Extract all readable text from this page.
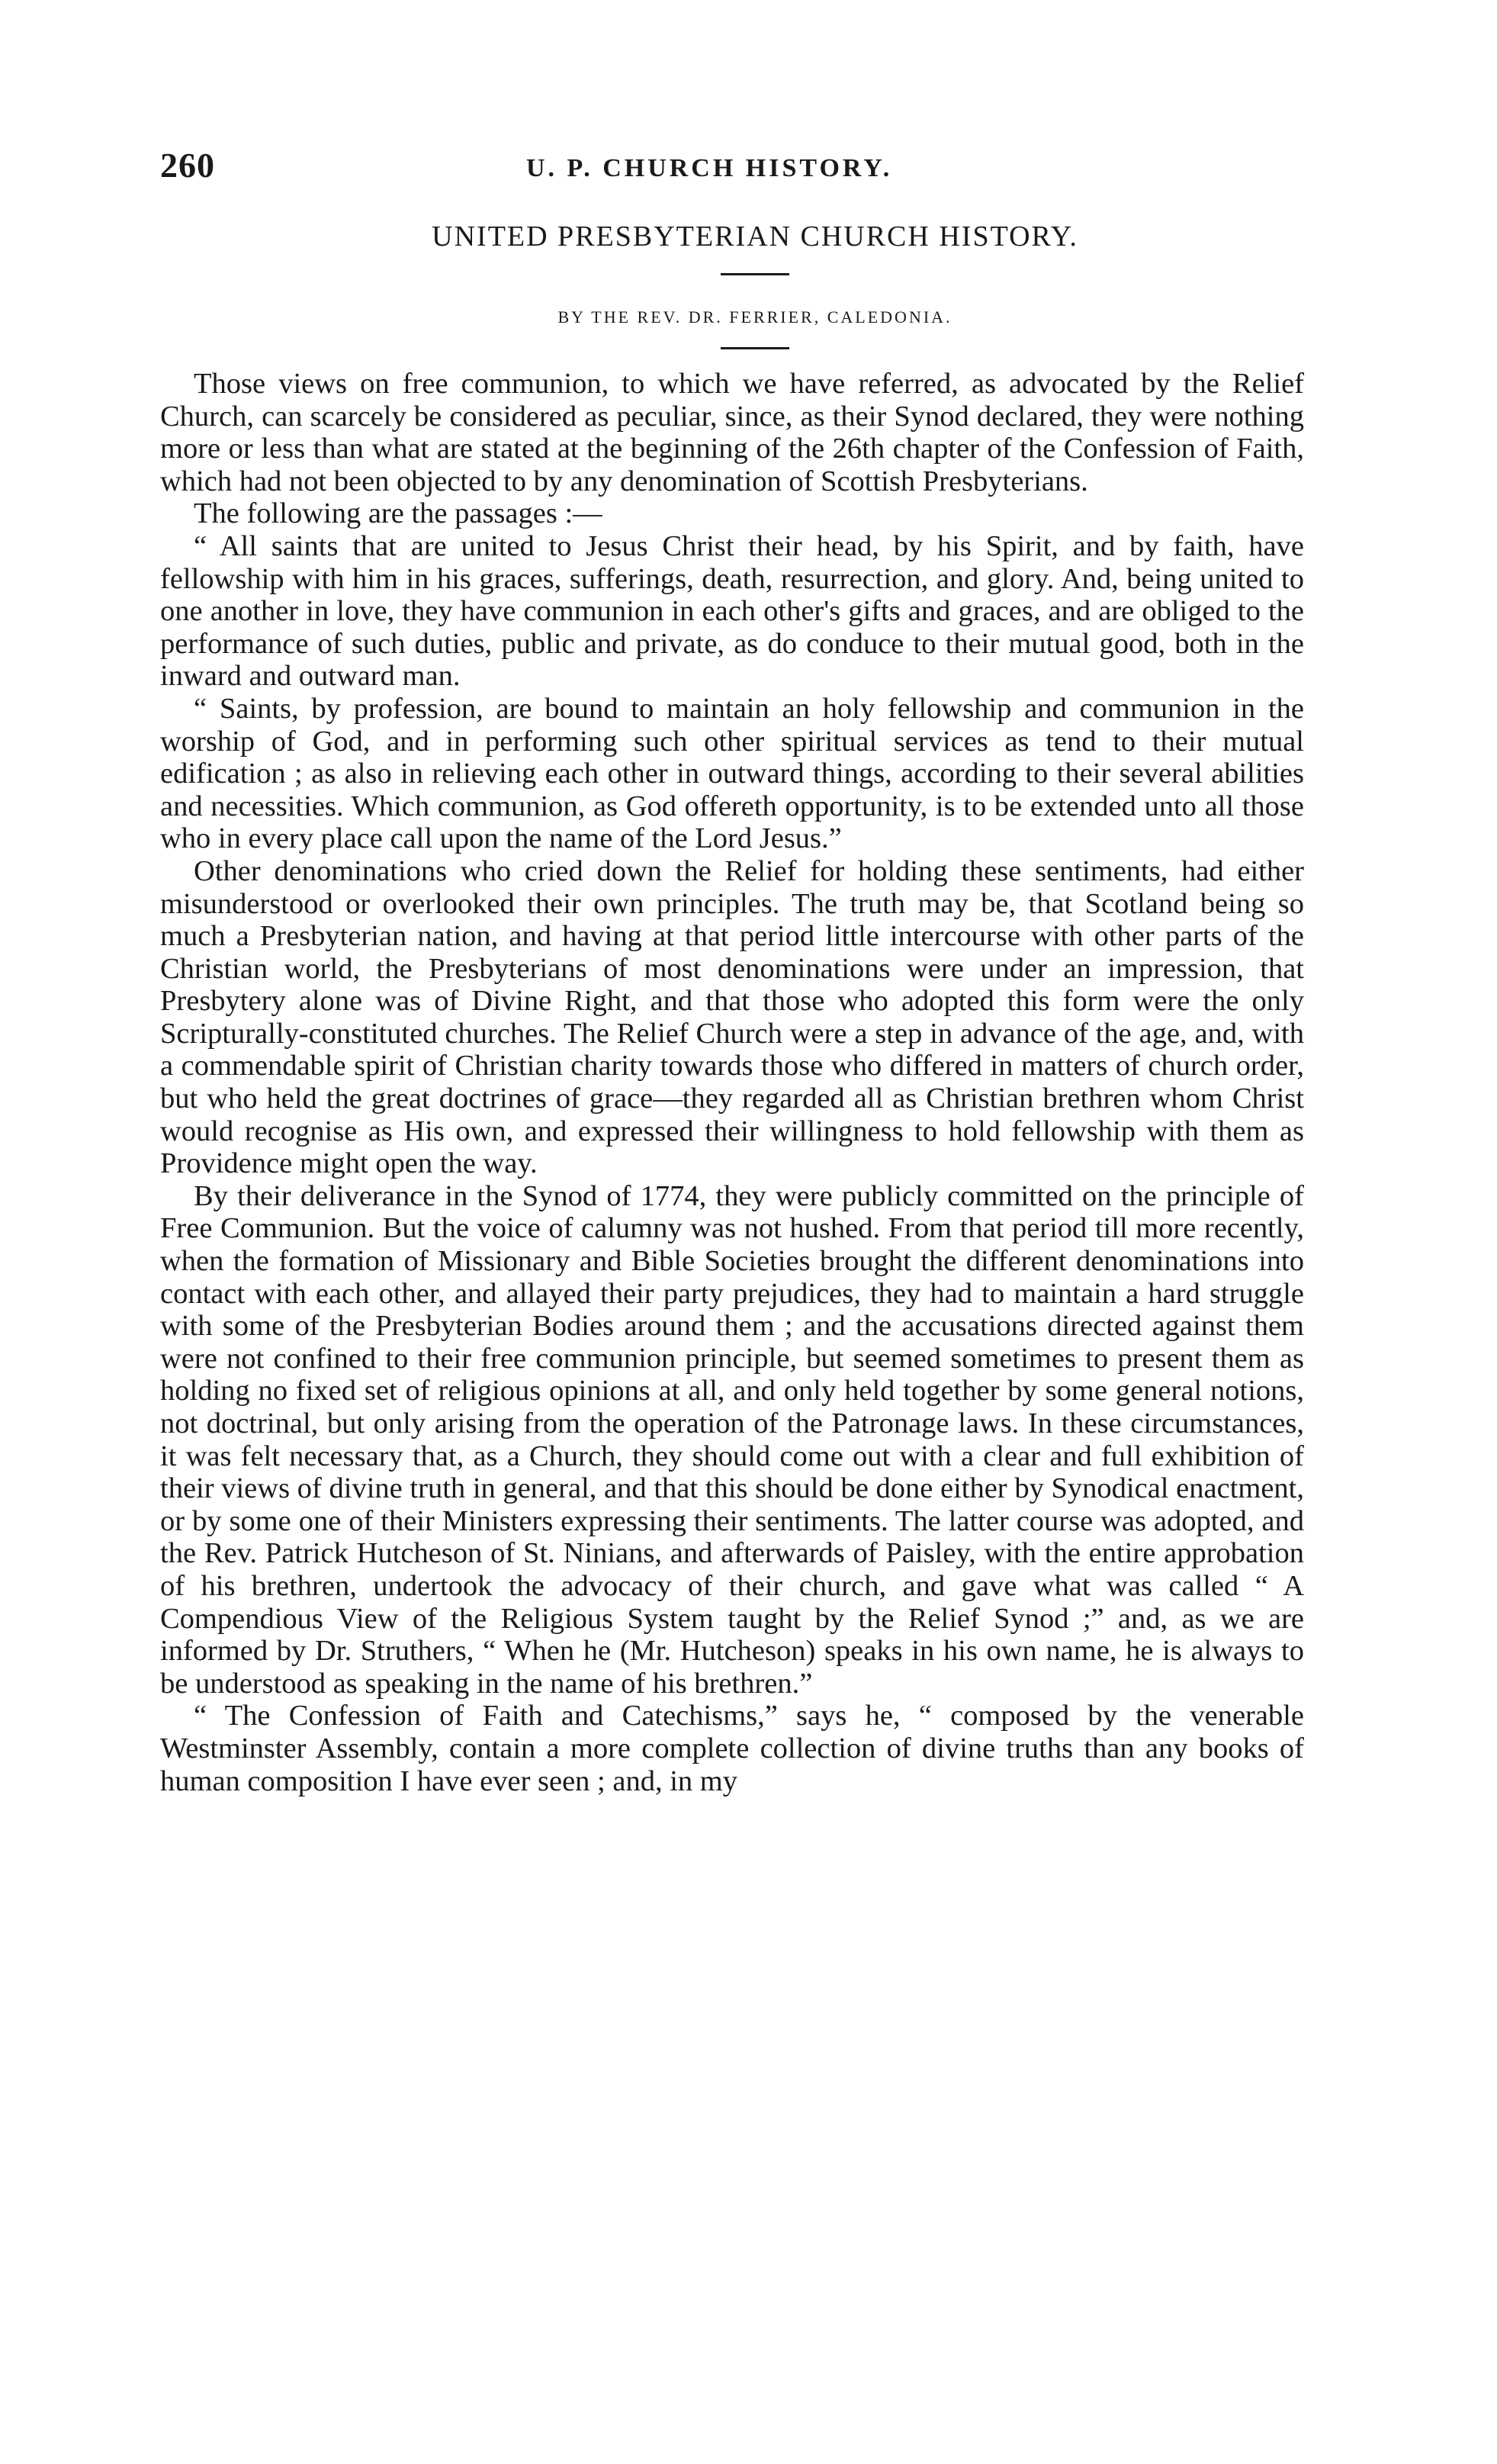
260	U. P. CHURCH HISTORY.
UNITED PRESBYTERIAN CHURCH HISTORY.
BY THE REV. DR. FERRIER, CALEDONIA.

Those views on free communion, to which we have referred, as advocated by the Relief Church, can scarcely be considered as peculiar, since, as their Synod declared, they were nothing more or less than what are stated at the beginning of the 26th chapter of the Confession of Faith, which had not been objected to by any denomination of Scottish Presbyterians.

The following are the passages :—

“ All saints that are united to Jesus Christ their head, by his Spirit, and by faith, have fellowship with him in his graces, sufferings, death, resurrection, and glory. And, being united to one another in love, they have communion in each other's gifts and graces, and are obliged to the performance of such duties, public and private, as do conduce to their mutual good, both in the inward and outward man.

“ Saints, by profession, are bound to maintain an holy fellowship and communion in the worship of God, and in performing such other spiritual services as tend to their mutual edification ; as also in relieving each other in outward things, according to their several abilities and necessities. Which communion, as God offereth opportunity, is to be extended unto all those who in every place call upon the name of the Lord Jesus.”

Other denominations who cried down the Relief for holding these sentiments, had either misunderstood or overlooked their own principles. The truth may be, that Scotland being so much a Presbyterian nation, and having at that period little intercourse with other parts of the Christian world, the Presbyterians of most denominations were under an impression, that Presbytery alone was of Divine Right, and that those who adopted this form were the only Scripturally-constituted churches. The Relief Church were a step in advance of the age, and, with a commendable spirit of Christian charity towards those who differed in matters of church order, but who held the great doctrines of grace—they regarded all as Christian brethren whom Christ would recognise as His own, and expressed their willingness to hold fellowship with them as Providence might open the way.

By their deliverance in the Synod of 1774, they were publicly committed on the principle of Free Communion. But the voice of calumny was not hushed. From that period till more recently, when the formation of Missionary and Bible Societies brought the different denominations into contact with each other, and allayed their party prejudices, they had to maintain a hard struggle with some of the Presbyterian Bodies around them ; and the accusations directed against them were not confined to their free communion principle, but seemed sometimes to present them as holding no fixed set of religious opinions at all, and only held together by some general notions, not doctrinal, but only arising from the operation of the Patronage laws. In these circumstances, it was felt necessary that, as a Church, they should come out with a clear and full exhibition of their views of divine truth in general, and that this should be done either by Synodical enactment, or by some one of their Ministers expressing their sentiments. The latter course was adopted, and the Rev. Patrick Hutcheson of St. Ninians, and afterwards of Paisley, with the entire approbation of his brethren, undertook the advocacy of their church, and gave what was called “ A Compendious View of the Religious System taught by the Relief Synod ;” and, as we are informed by Dr. Struthers, “ When he (Mr. Hutcheson) speaks in his own name, he is always to be understood as speaking in the name of his brethren.”

“ The Confession of Faith and Catechisms,” says he, “ composed by the venerable Westminster Assembly, contain a more complete collection of divine truths than any books of human composition I have ever seen ; and, in my
